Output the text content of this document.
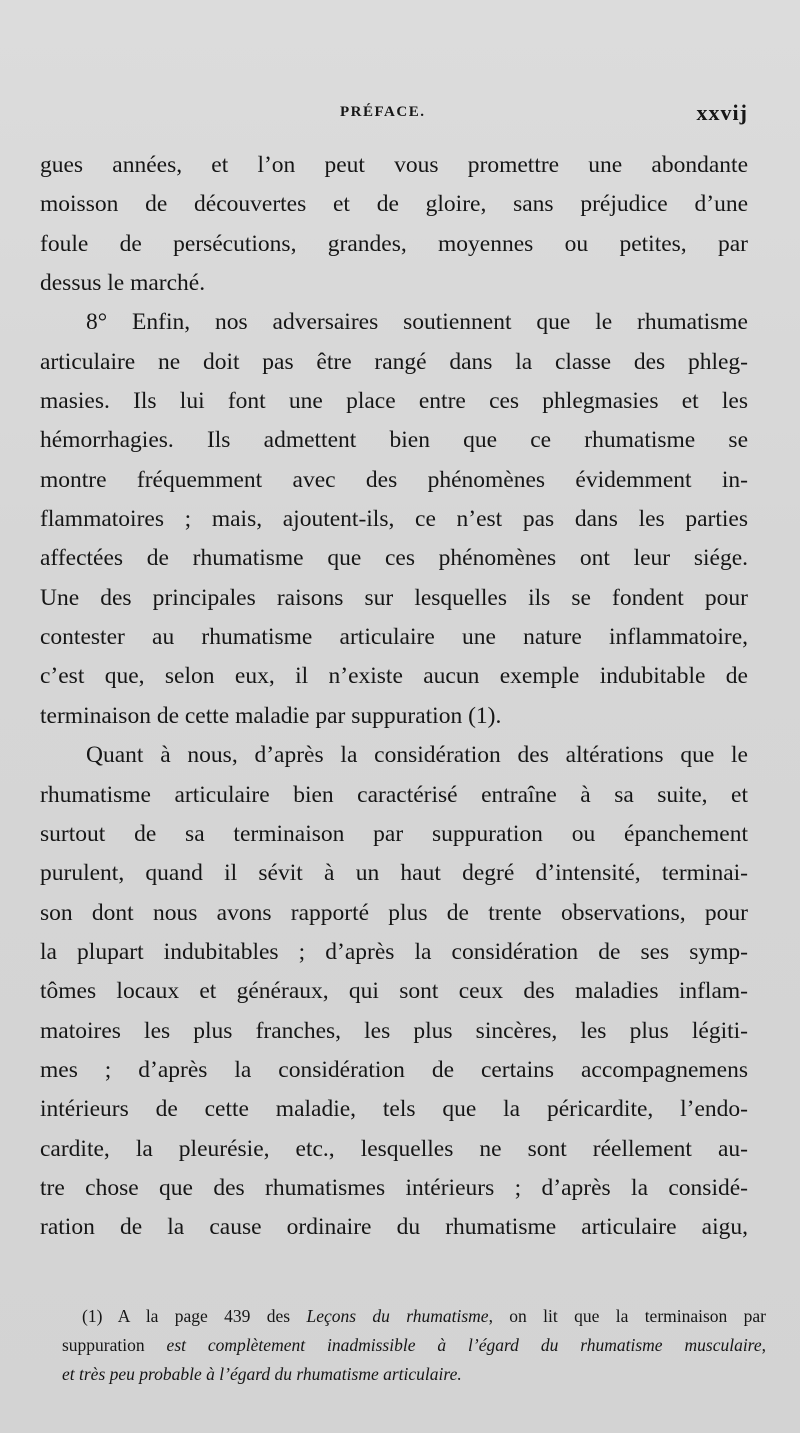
PRÉFACE.	xxvij
gues années, et l’on peut vous promettre une abondante
moisson de découvertes et de gloire, sans préjudice d’une
foule de persécutions, grandes, moyennes ou petites, par
dessus le marché.
8° Enfin, nos adversaires soutiennent que le rhumatisme
articulaire ne doit pas être rangé dans la classe des phleg-
masies. Ils lui font une place entre ces phlegmasies et les
hémorrhagies. Ils admettent bien que ce rhumatisme se
montre fréquemment avec des phénomènes évidemment in-
flammatoires ; mais, ajoutent-ils, ce n’est pas dans les parties
affectées de rhumatisme que ces phénomènes ont leur siége.
Une des principales raisons sur lesquelles ils se fondent pour
contester au rhumatisme articulaire une nature inflammatoire,
c’est que, selon eux, il n’existe aucun exemple indubitable de
terminaison de cette maladie par suppuration (1).
Quant à nous, d’après la considération des altérations que le
rhumatisme articulaire bien caractérisé entraîne à sa suite, et
surtout de sa terminaison par suppuration ou épanchement
purulent, quand il sévit à un haut degré d’intensité, terminai-
son dont nous avons rapporté plus de trente observations, pour
la plupart indubitables ; d’après la considération de ses symp-
tômes locaux et généraux, qui sont ceux des maladies inflam-
matoires les plus franches, les plus sincères, les plus légiti-
mes ; d’après la considération de certains accompagnemens
intérieurs de cette maladie, tels que la péricardite, l’endo-
cardite, la pleurésie, etc., lesquelles ne sont réellement au-
tre chose que des rhumatismes intérieurs ; d’après la considé-
ration de la cause ordinaire du rhumatisme articulaire aigu,
(1) A la page 439 des Leçons du rhumatisme, on lit que la terminaison par
suppuration est complètement inadmissible à l’égard du rhumatisme musculaire,
et très peu probable à l’égard du rhumatisme articulaire.
